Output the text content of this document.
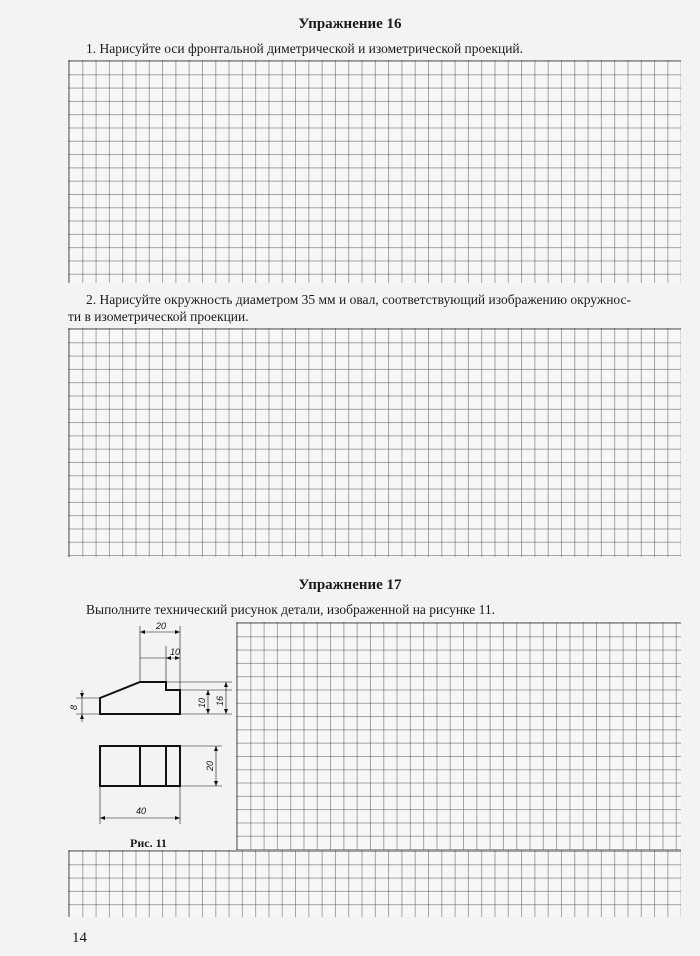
Упражнение 16
1. Нарисуйте оси фронтальной диметрической и изометрической проекций.
2. Нарисуйте окружность диаметром 35 мм и овал, соответствующий изображению окружнос-
ти в изометрической проекции.
Упражнение 17
Выполните технический рисунок детали, изображенной на рисунке 11.
20
10
8	10 16
20
40
Рис. 11
14
